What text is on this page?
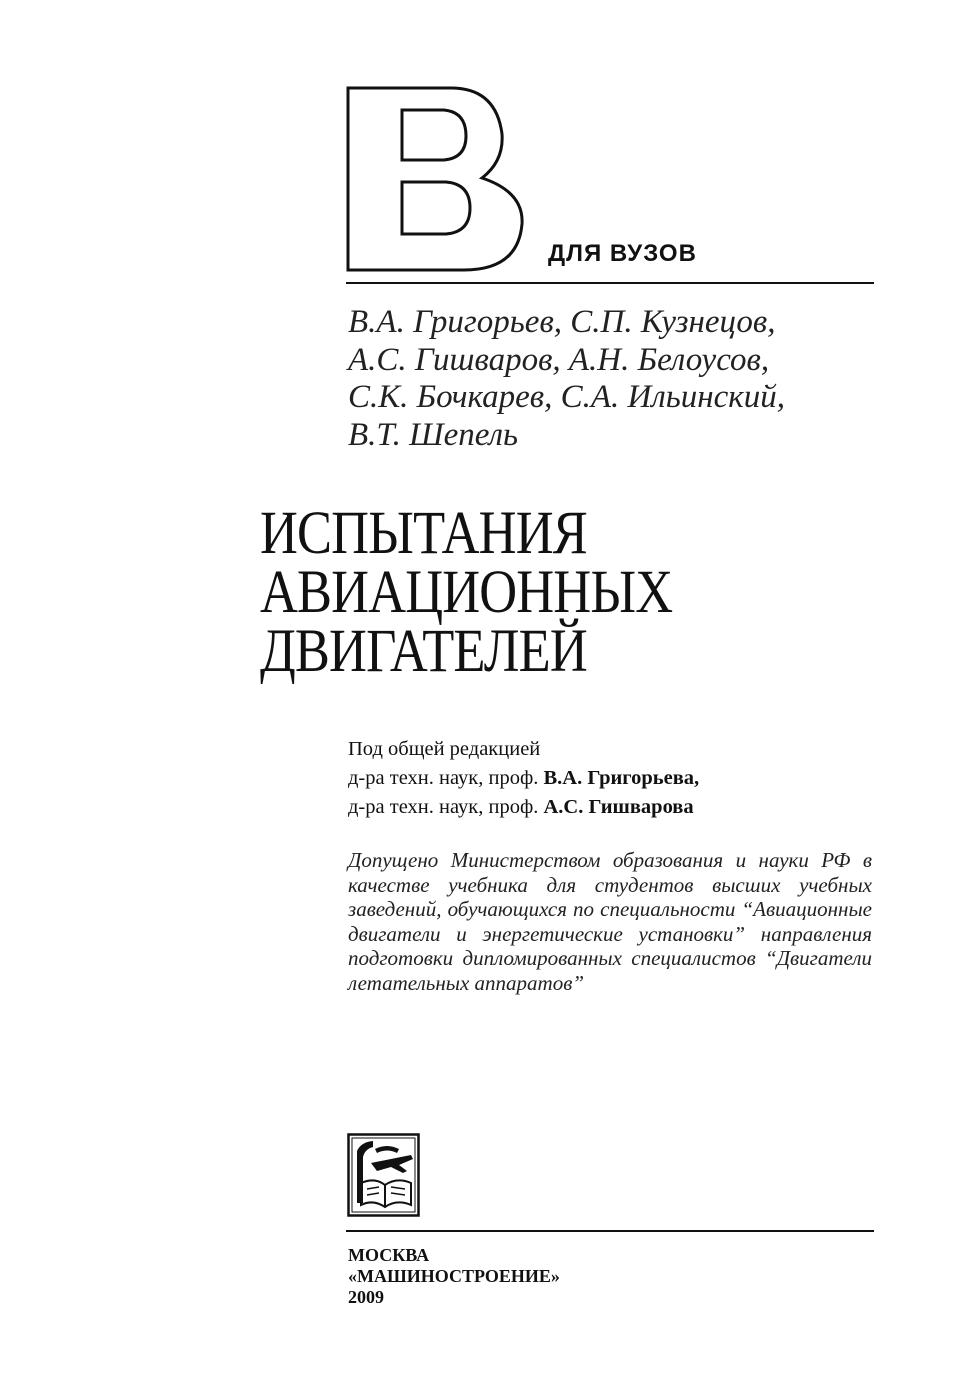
ДЛЯ ВУЗОВ
В.А. Григорьев, С.П. Кузнецов,
А.С. Гишваров, А.Н. Белоусов,
С.К. Бочкарев, С.А. Ильинский,
В.Т. Шепель
ИСПЫТАНИЯ
АВИАЦИОННЫХ
ДВИГАТЕЛЕЙ
Под общей редакцией
д-ра техн. наук, проф. В.А. Григорьева,
д-ра техн. наук, проф. А.С. Гишварова
Допущено Министерством образования и науки РФ в качестве учебника для студентов высших учебных заведений, обучающихся по специальности “Авиационные двигатели и энергетические установки” направления подготовки дипломированных специалистов “Двигатели летательных аппаратов”
МОСКВА
«МАШИНОСТРОЕНИЕ»
2009
